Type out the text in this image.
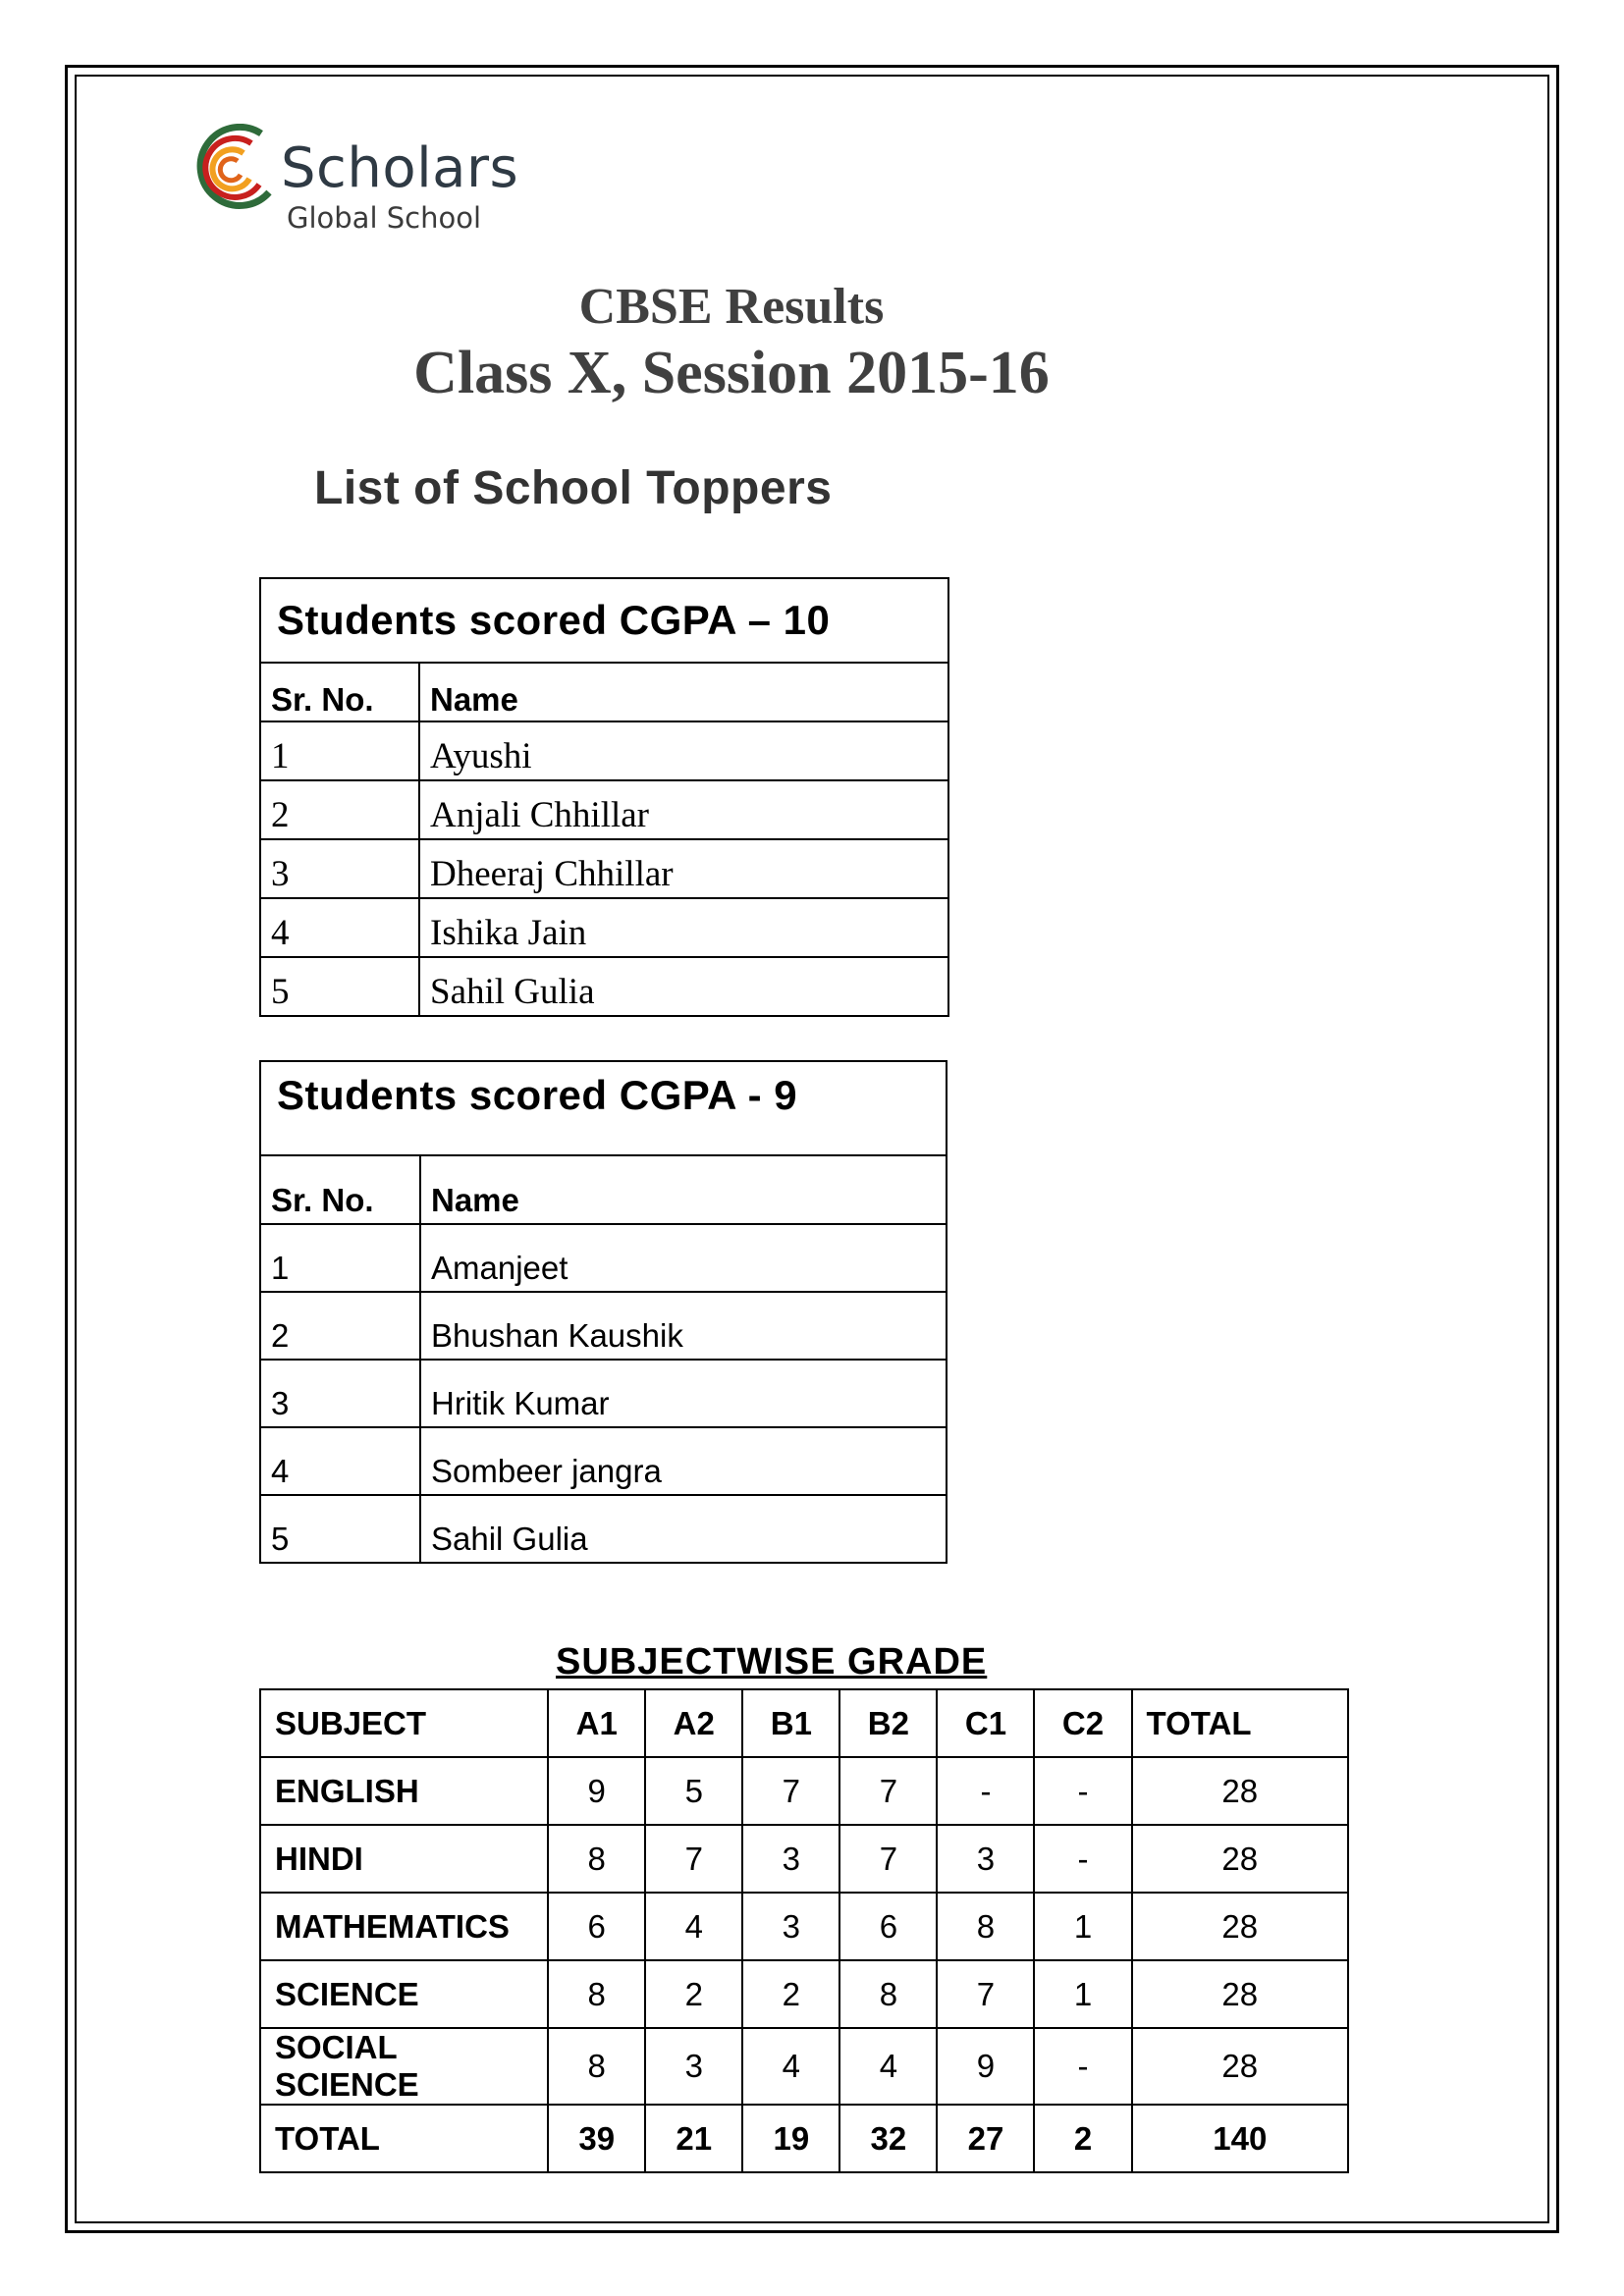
Scholars
Global School
CBSE Results
Class X, Session 2015-16
List of School Toppers
Students scored CGPA – 10	
Sr. No.	Name
1	Ayushi
2	Anjali Chhillar
3	Dheeraj Chhillar
4	Ishika Jain
5	Sahil Gulia
Students scored CGPA - 9	
Sr. No.	Name
1	Amanjeet
2	Bhushan Kaushik
3	Hritik Kumar
4	Sombeer jangra
5	Sahil Gulia
SUBJECTWISE GRADE
SUBJECT	A1	A2	B1	B2	C1	C2	TOTAL
ENGLISH	9	5	7	7	-	-	28
HINDI	8	7	3	7	3	-	28
MATHEMATICS	6	4	3	6	8	1	28
SCIENCE	8	2	2	8	7	1	28
SOCIAL SCIENCE	8	3	4	4	9	-	28
TOTAL	39	21	19	32	27	2	140
